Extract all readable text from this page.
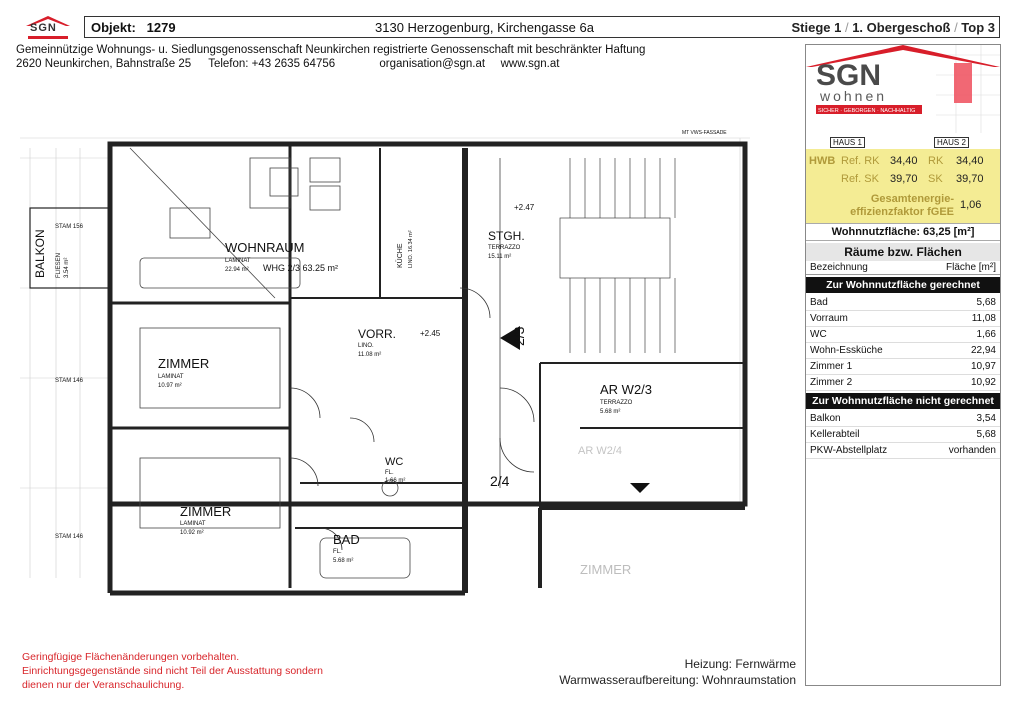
SGN	Objekt: 1279	3130 Herzogenburg, Kirchengasse 6a	Stiege 1 / 1. Obergeschoß / Top 3
Gemeinnützige Wohnungs- u. Siedlungsgenossenschaft Neunkirchen registrierte Genossenschaft mit beschränkter Haftung
2620 Neunkirchen, Bahnstraße 25 Telefon: +43 2635 64756	organisation@sgn.at www.sgn.at
WOHNRAUM
LAMINAT
22.94 m² WHG 2/3 63.25 m²
STGH.
TERRAZZO
15.11 m²
VORR.
LINO.
11.08 m²
ZIMMER
LAMINAT
10.97 m²
ZIMMER
LAMINAT
10.92 m²
WC
FL.
1.66 m²
BAD
FL.
5.68 m²
AR W2/3
TERRAZZO
5.68 m²
AR W2/4
ZIMMER
2/3
2/4
BALKON FLIESEN 3.54 m²	KÜCHE LINO. 16.34 m²
STAM 146
STAM 146
STAM 156
+2.47
+2.45
MT VWS-FASSADE
SGN
wohnen
SICHER · GEBORGEN · NACHHALTIG
HAUS 1	HAUS 2
HWB Ref. RK 34,40 RK 34,40
Ref. SK 39,70 SK 39,70
Gesamtenergie-
effizienzfaktor fGEE
1,06
Wohnnutzfläche: 63,25 [m²]
Räume bzw. Flächen
Bezeichnung	Fläche [m²]
Zur Wohnnutzfläche gerechnet
Bad	5,68
Vorraum	11,08
WC	1,66
Wohn-Essküche	22,94
Zimmer 1	10,97
Zimmer 2	10,92
Zur Wohnnutzfläche nicht gerechnet
Balkon	3,54
Kellerabteil	5,68
PKW-Abstellplatz	vorhanden
Geringfügige Flächenänderungen vorbehalten.
Einrichtungsgegenstände sind nicht Teil der Ausstattung sondern
dienen nur der Veranschaulichung.
Heizung: Fernwärme
Warmwasseraufbereitung: Wohnraumstation
